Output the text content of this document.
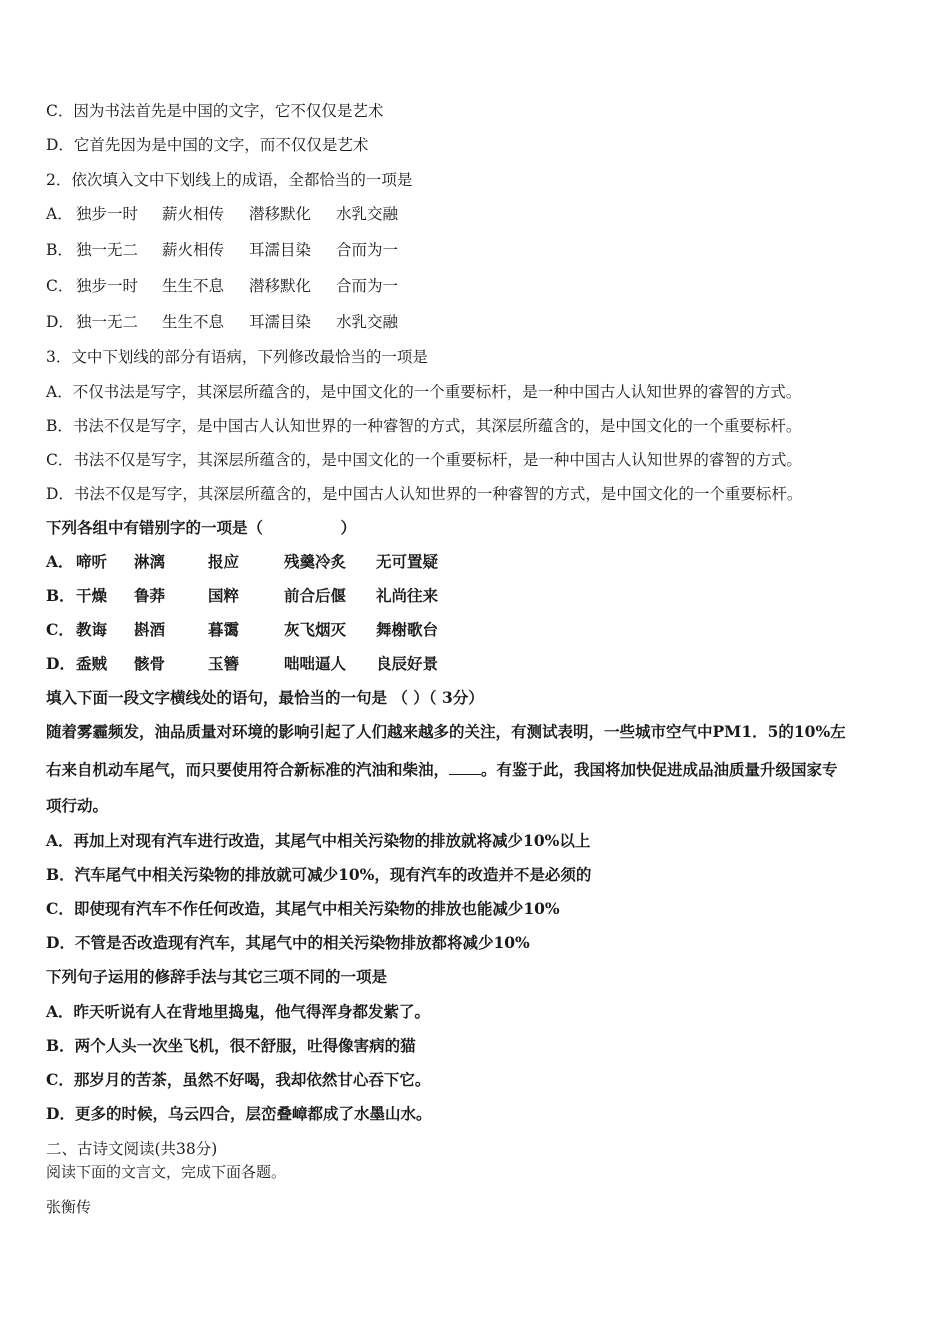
C．因为书法首先是中国的文字，它不仅仅是艺术
D．它首先因为是中国的文字，而不仅仅是艺术
2．依次填入文中下划线上的成语，全都恰当的一项是
A． 独步一时 薪火相传 潜移默化 水乳交融
B． 独一无二 薪火相传 耳濡目染 合而为一
C． 独步一时 生生不息 潜移默化 合而为一
D． 独一无二 生生不息 耳濡目染 水乳交融
3．文中下划线的部分有语病，下列修改最恰当的一项是
A．不仅书法是写字，其深层所蕴含的，是中国文化的一个重要标杆，是一种中国古人认知世界的睿智的方式。
B．书法不仅是写字，是中国古人认知世界的一种睿智的方式，其深层所蕴含的，是中国文化的一个重要标杆。
C．书法不仅是写字，其深层所蕴含的，是中国文化的一个重要标杆，是一种中国古人认知世界的睿智的方式。
D．书法不仅是写字，其深层所蕴含的，是中国古人认知世界的一种睿智的方式，是中国文化的一个重要标杆。
下列各组中有错别字的一项是（　　　　　）
A． 啼听 淋漓	报应	残羹冷炙 无可置疑
B． 干燥 鲁莽	国粹	前合后偃 礼尚往来
C． 教诲 斟酒	暮霭	灰飞烟灭 舞榭歌台
D． 盉贼 骸骨	玉簪	咄咄逼人 良辰好景
填入下面一段文字横线处的语句，最恰当的一句是 （ ）（ 3分）
随着雾霾频发，油品质量对环境的影响引起了人们越来越多的关注，有测试表明，一些城市空气中PM1．5的10%左
右来自机动车尾气，而只要使用符合新标准的汽油和柴油， 。有鉴于此，我国将加快促进成品油质量升级国家专
项行动。
A．再加上对现有汽车进行改造，其尾气中相关污染物的排放就将减少10%以上
B．汽车尾气中相关污染物的排放就可减少10%，现有汽车的改造并不是必须的
C．即使现有汽车不作任何改造，其尾气中相关污染物的排放也能减少10%
D．不管是否改造现有汽车，其尾气中的相关污染物排放都将减少10%
下列句子运用的修辞手法与其它三项不同的一项是
A．昨天听说有人在背地里捣鬼，他气得浑身都发紫了。
B．两个人头一次坐飞机，很不舒服，吐得像害病的猫
C．那岁月的苦茶，虽然不好喝，我却依然甘心吞下它。
D．更多的时候，乌云四合，层峦叠嶂都成了水墨山水。
二、古诗文阅读(共38分)
阅读下面的文言文，完成下面各题。
张衡传
